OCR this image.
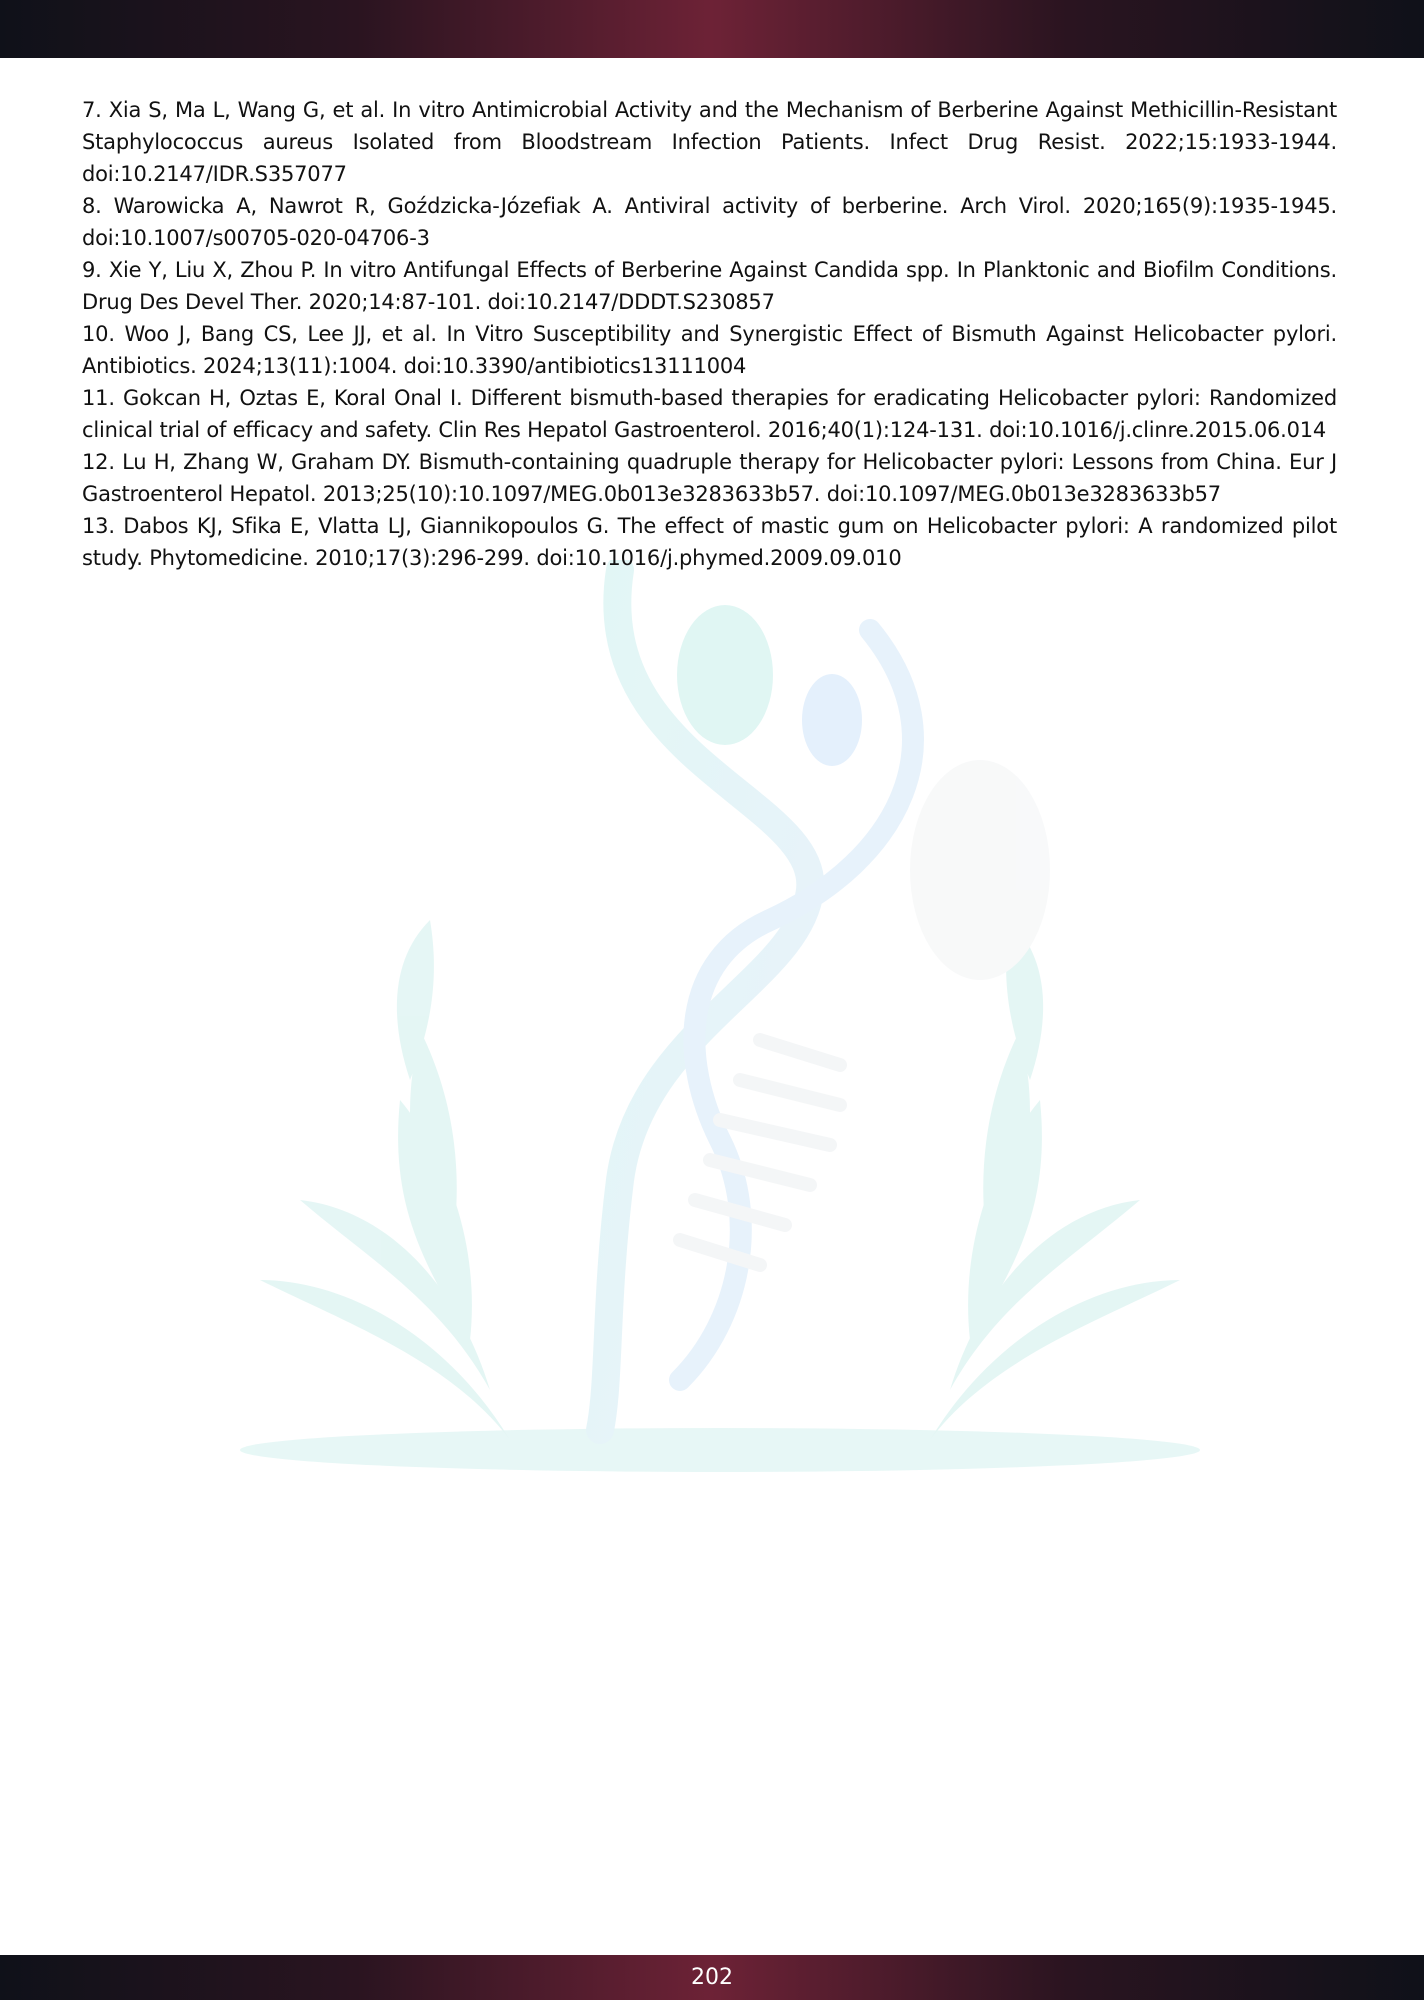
7. Xia S, Ma L, Wang G, et al. In vitro Antimicrobial Activity and the Mechanism of Berberine Against Methicillin-Resistant Staphylococcus aureus Isolated from Bloodstream Infection Patients. Infect Drug Resist. 2022;15:1933-1944. doi:10.2147/IDR.S357077

8. Warowicka A, Nawrot R, Goździcka-Józefiak A. Antiviral activity of berberine. Arch Virol. 2020;165(9):1935-1945. doi:10.1007/s00705-020-04706-3

9. Xie Y, Liu X, Zhou P. In vitro Antifungal Effects of Berberine Against Candida spp. In Planktonic and Biofilm Conditions. Drug Des Devel Ther. 2020;14:87-101. doi:10.2147/DDDT.S230857

10. Woo J, Bang CS, Lee JJ, et al. In Vitro Susceptibility and Synergistic Effect of Bismuth Against Helicobacter pylori. Antibiotics. 2024;13(11):1004. doi:10.3390/antibiotics13111004

11. Gokcan H, Oztas E, Koral Onal I. Different bismuth-based therapies for eradicating Helicobacter pylori: Randomized clinical trial of efficacy and safety. Clin Res Hepatol Gastroenterol. 2016;40(1):124-131. doi:10.1016/j.clinre.2015.06.014

12. Lu H, Zhang W, Graham DY. Bismuth-containing quadruple therapy for Helicobacter pylori: Lessons from China. Eur J Gastroenterol Hepatol. 2013;25(10):10.1097/MEG.0b013e3283633b57. doi:10.1097/MEG.0b013e3283633b57

13. Dabos KJ, Sfika E, Vlatta LJ, Giannikopoulos G. The effect of mastic gum on Helicobacter pylori: A randomized pilot study. Phytomedicine. 2010;17(3):296-299. doi:10.1016/j.phymed.2009.09.010

202
